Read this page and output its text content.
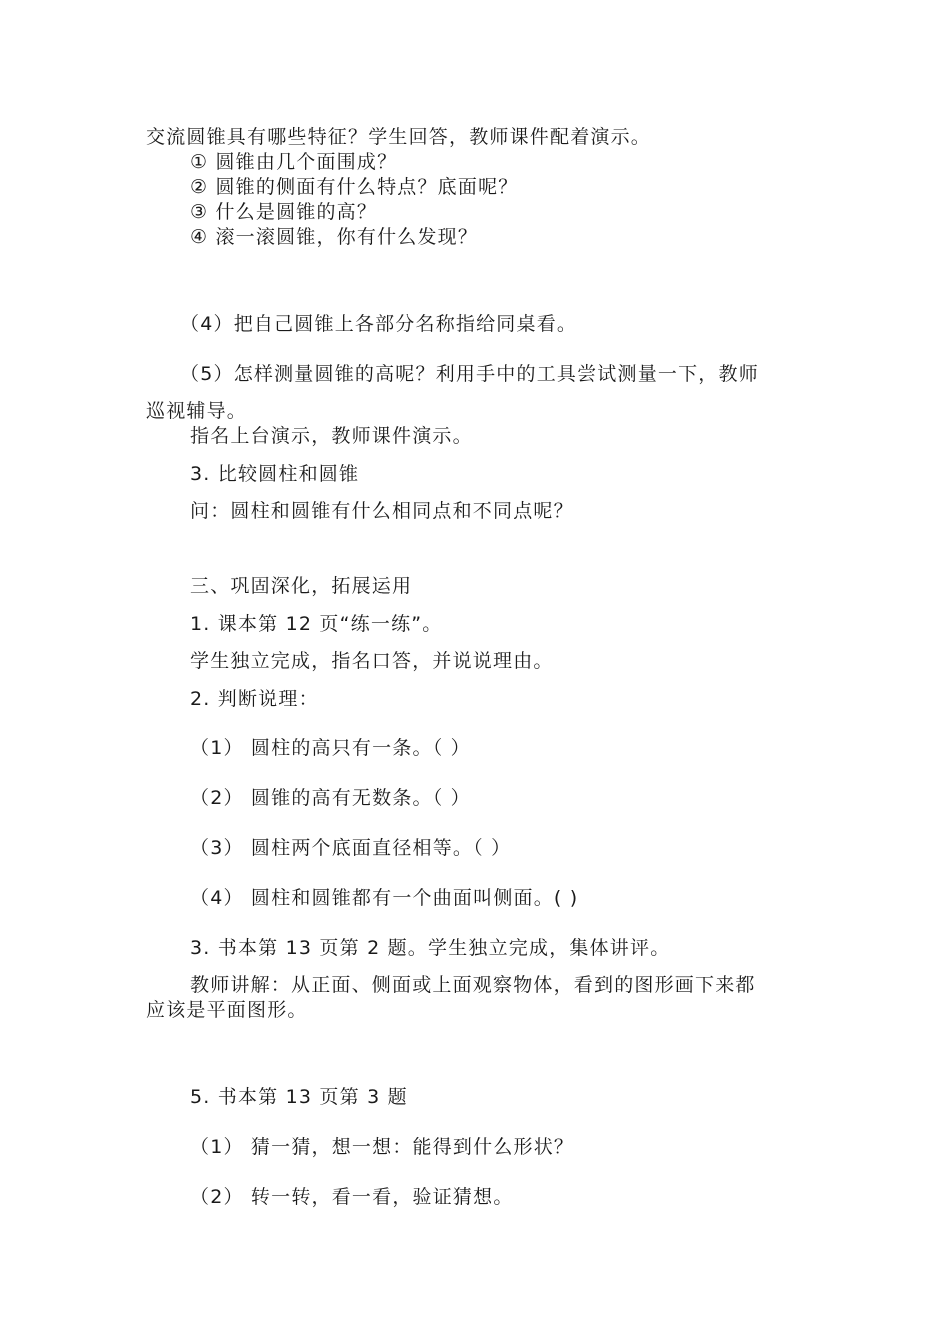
交流圆锥具有哪些特征？学生回答，教师课件配着演示。
① 圆锥由几个面围成？
② 圆锥的侧面有什么特点？底面呢？
③ 什么是圆锥的高？
④ 滚一滚圆锥，你有什么发现？
（4）把自己圆锥上各部分名称指给同桌看。
（5）怎样测量圆锥的高呢？利用手中的工具尝试测量一下，教师
巡视辅导。
指名上台演示，教师课件演示。
3. 比较圆柱和圆锥
问：圆柱和圆锥有什么相同点和不同点呢？
三、巩固深化，拓展运用
1. 课本第 12 页“练一练”。
学生独立完成，指名口答，并说说理由。
2. 判断说理：
（1） 圆柱的高只有一条。（ ）
（2） 圆锥的高有无数条。（ ）
（3） 圆柱两个底面直径相等。（ ）
（4） 圆柱和圆锥都有一个曲面叫侧面。( )
3. 书本第 13 页第 2 题。学生独立完成，集体讲评。
教师讲解：从正面、侧面或上面观察物体，看到的图形画下来都
应该是平面图形。
5. 书本第 13 页第 3 题
（1） 猜一猜，想一想：能得到什么形状？
（2） 转一转，看一看，验证猜想。
